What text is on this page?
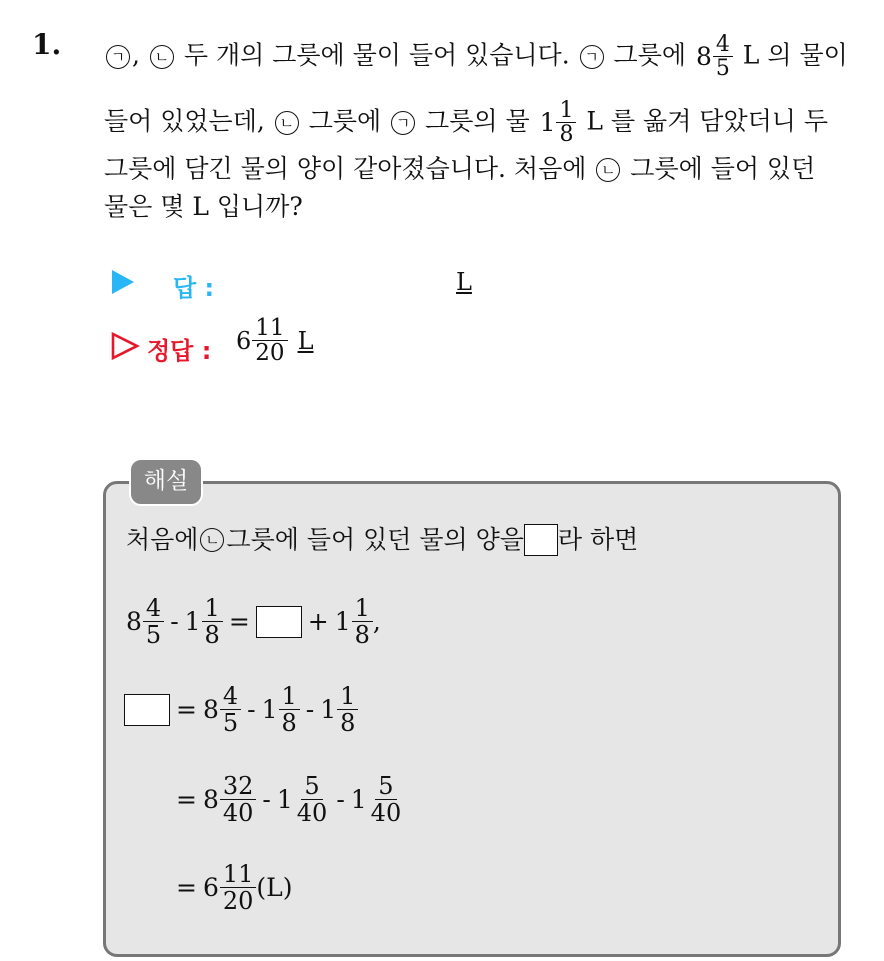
1.	ㄱ , ㄴ 두 개의 그릇에 물이 들어 있습니다. ㄱ 그릇에 $8 \frac{4}{5}$ L 의 물이
들어 있었는데, ㄴ 그릇에 ㄱ 그릇의 물 $1 \frac{1}{8}$ L 를 옮겨 담았더니 두
그릇에 담긴 물의 양이 같아졌습니다. 처음에 ㄴ 그릇에 들어 있던
물은 몇 L 입니까?
답 :	L
정답 : $6 \frac{11}{20}$ L
해설
처음에 ㄴ 그릇에 들어 있던 물의 양을 라 하면
$8 \frac{4}{5} - 1 \frac{1}{8}$ = + $1 \frac{1}{8}$ ,
= $8 \frac{4}{5} - 1 \frac{1}{8} - 1 \frac{1}{8}$
= $8 \frac{32}{40} - 1 \frac{5}{40} - 1 \frac{5}{40}$
= $6 \frac{11}{20} (L)$
